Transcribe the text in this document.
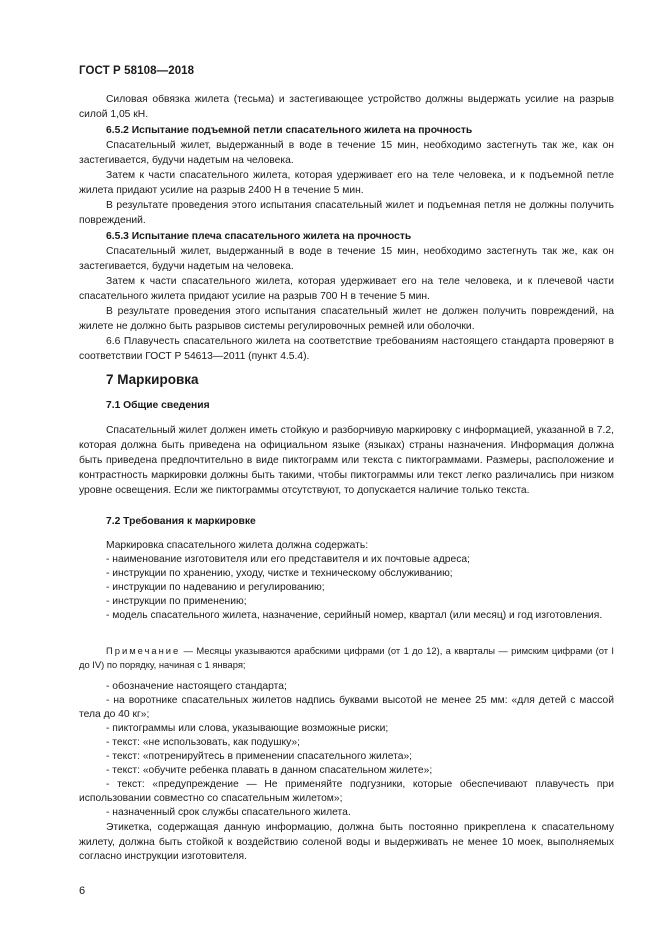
ГОСТ Р 58108—2018

Силовая обвязка жилета (тесьма) и застегивающее устройство должны выдержать усилие на разрыв силой 1,05 кН.

6.5.2 Испытание подъемной петли спасательного жилета на прочность

Спасательный жилет, выдержанный в воде в течение 15 мин, необходимо застегнуть так же, как он застегивается, будучи надетым на человека.

Затем к части спасательного жилета, которая удерживает его на теле человека, и к подъемной петле жилета придают усилие на разрыв 2400 Н в течение 5 мин.

В результате проведения этого испытания спасательный жилет и подъемная петля не должны получить повреждений.

6.5.3 Испытание плеча спасательного жилета на прочность

Спасательный жилет, выдержанный в воде в течение 15 мин, необходимо застегнуть так же, как он застегивается, будучи надетым на человека.

Затем к части спасательного жилета, которая удерживает его на теле человека, и к плечевой части спасательного жилета придают усилие на разрыв 700 Н в течение 5 мин.

В результате проведения этого испытания спасательный жилет не должен получить повреждений, на жилете не должно быть разрывов системы регулировочных ремней или оболочки.

6.6 Плавучесть спасательного жилета на соответствие требованиям настоящего стандарта проверяют в соответствии ГОСТ Р 54613—2011 (пункт 4.5.4).

7 Маркировка
7.1 Общие сведения

Спасательный жилет должен иметь стойкую и разборчивую маркировку с информацией, указанной в 7.2, которая должна быть приведена на официальном языке (языках) страны назначения. Информация должна быть приведена предпочтительно в виде пиктограмм или текста с пиктограммами. Размеры, расположение и контрастность маркировки должны быть такими, чтобы пиктограммы или текст легко различались при низком уровне освещения. Если же пиктограммы отсутствуют, то допускается наличие только текста.

7.2 Требования к маркировке

Маркировка спасательного жилета должна содержать:

- наименование изготовителя или его представителя и их почтовые адреса;

- инструкции по хранению, уходу, чистке и техническому обслуживанию;

- инструкции по надеванию и регулированию;

- инструкции по применению;

- модель спасательного жилета, назначение, серийный номер, квартал (или месяц) и год изготовления.

Примечание — Месяцы указываются арабскими цифрами (от 1 до 12), а кварталы — римским цифрами (от I до IV) по порядку, начиная с 1 января;

- обозначение настоящего стандарта;

- на воротнике спасательных жилетов надпись буквами высотой не менее 25 мм: «для детей с массой тела до 40 кг»;

- пиктограммы или слова, указывающие возможные риски;

- текст: «не использовать, как подушку»;

- текст: «потренируйтесь в применении спасательного жилета»;

- текст: «обучите ребенка плавать в данном спасательном жилете»;

- текст: «предупреждение — Не применяйте подгузники, которые обеспечивают плавучесть при использовании совместно со спасательным жилетом»;

- назначенный срок службы спасательного жилета.

Этикетка, содержащая данную информацию, должна быть постоянно прикреплена к спасательному жилету, должна быть стойкой к воздействию соленой воды и выдерживать не менее 10 моек, выполняемых согласно инструкции изготовителя.

6
